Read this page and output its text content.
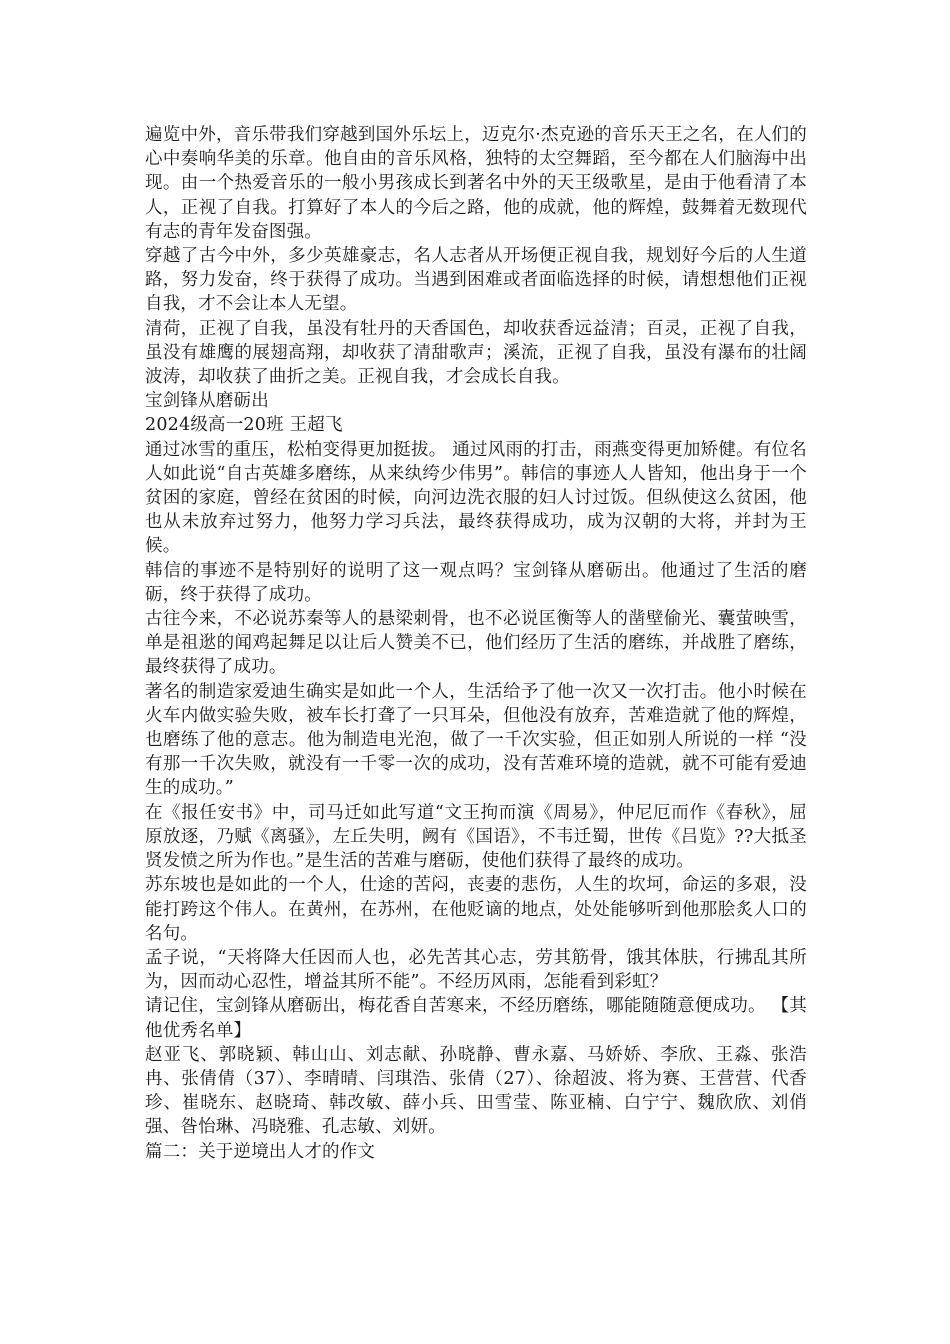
遍览中外，音乐带我们穿越到国外乐坛上，迈克尔·杰克逊的音乐天王之名，在人们的心中奏响华美的乐章。他自由的音乐风格，独特的太空舞蹈，至今都在人们脑海中出现。由一个热爱音乐的一般小男孩成长到著名中外的天王级歌星，是由于他看清了本人，正视了自我。打算好了本人的今后之路，他的成就，他的辉煌，鼓舞着无数现代有志的青年发奋图强。

穿越了古今中外，多少英雄豪志，名人志者从开场便正视自我，规划好今后的人生道路，努力发奋，终于获得了成功。当遇到困难或者面临选择的时候，请想想他们正视自我，才不会让本人无望。

清荷，正视了自我，虽没有牡丹的天香国色，却收获香远益清；百灵，正视了自我，虽没有雄鹰的展翅高翔，却收获了清甜歌声；溪流，正视了自我，虽没有瀑布的壮阔波涛，却收获了曲折之美。正视自我，才会成长自我。

宝剑锋从磨砺出

2024级高一20班 王超飞

通过冰雪的重压，松柏变得更加挺拔。 通过风雨的打击，雨燕变得更加矫健。有位名人如此说“自古英雄多磨练，从来纨绔少伟男”。韩信的事迹人人皆知，他出身于一个贫困的家庭，曾经在贫困的时候，向河边洗衣服的妇人讨过饭。但纵使这么贫困，他也从未放弃过努力，他努力学习兵法，最终获得成功，成为汉朝的大将，并封为王候。

韩信的事迹不是特别好的说明了这一观点吗？宝剑锋从磨砺出。他通过了生活的磨砺，终于获得了成功。

古往今来，不必说苏秦等人的悬梁刺骨，也不必说匡衡等人的凿壁偷光、囊萤映雪，单是祖逖的闻鸡起舞足以让后人赞美不已，他们经历了生活的磨练，并战胜了磨练，最终获得了成功。

著名的制造家爱迪生确实是如此一个人，生活给予了他一次又一次打击。他小时候在火车内做实验失败，被车长打聋了一只耳朵，但他没有放弃，苦难造就了他的辉煌，也磨练了他的意志。他为制造电光泡，做了一千次实验，但正如别人所说的一样 “没有那一千次失败，就没有一千零一次的成功，没有苦难环境的造就，就不可能有爱迪生的成功。”

在《报任安书》中，司马迁如此写道“文王拘而演《周易》，仲尼厄而作《春秋》，屈原放逐，乃赋《离骚》，左丘失明，阙有《国语》，不韦迁蜀，世传《吕览》??大抵圣贤发愤之所为作也。”是生活的苦难与磨砺，使他们获得了最终的成功。

苏东坡也是如此的一个人，仕途的苦闷，丧妻的悲伤，人生的坎坷，命运的多艰，没能打跨这个伟人。在黄州，在苏州，在他贬谪的地点，处处能够听到他那脍炙人口的名句。

孟子说，“天将降大任因而人也，必先苦其心志，劳其筋骨，饿其体肤，行拂乱其所为，因而动心忍性，增益其所不能”。不经历风雨，怎能看到彩虹？

请记住，宝剑锋从磨砺出，梅花香自苦寒来，不经历磨练，哪能随随意便成功。 【其他优秀名单】

赵亚飞、郭晓颖、韩山山、刘志献、孙晓静、曹永嘉、马娇娇、李欣、王淼、张浩冉、张倩倩（37）、李晴晴、闫琪浩、张倩（27）、徐超波、将为赛、王营营、代香珍、崔晓东、赵晓琦、韩改敏、薛小兵、田雪莹、陈亚楠、白宁宁、魏欣欣、刘俏强、昝怡琳、冯晓雅、孔志敏、刘妍。

篇二：关于逆境出人才的作文
